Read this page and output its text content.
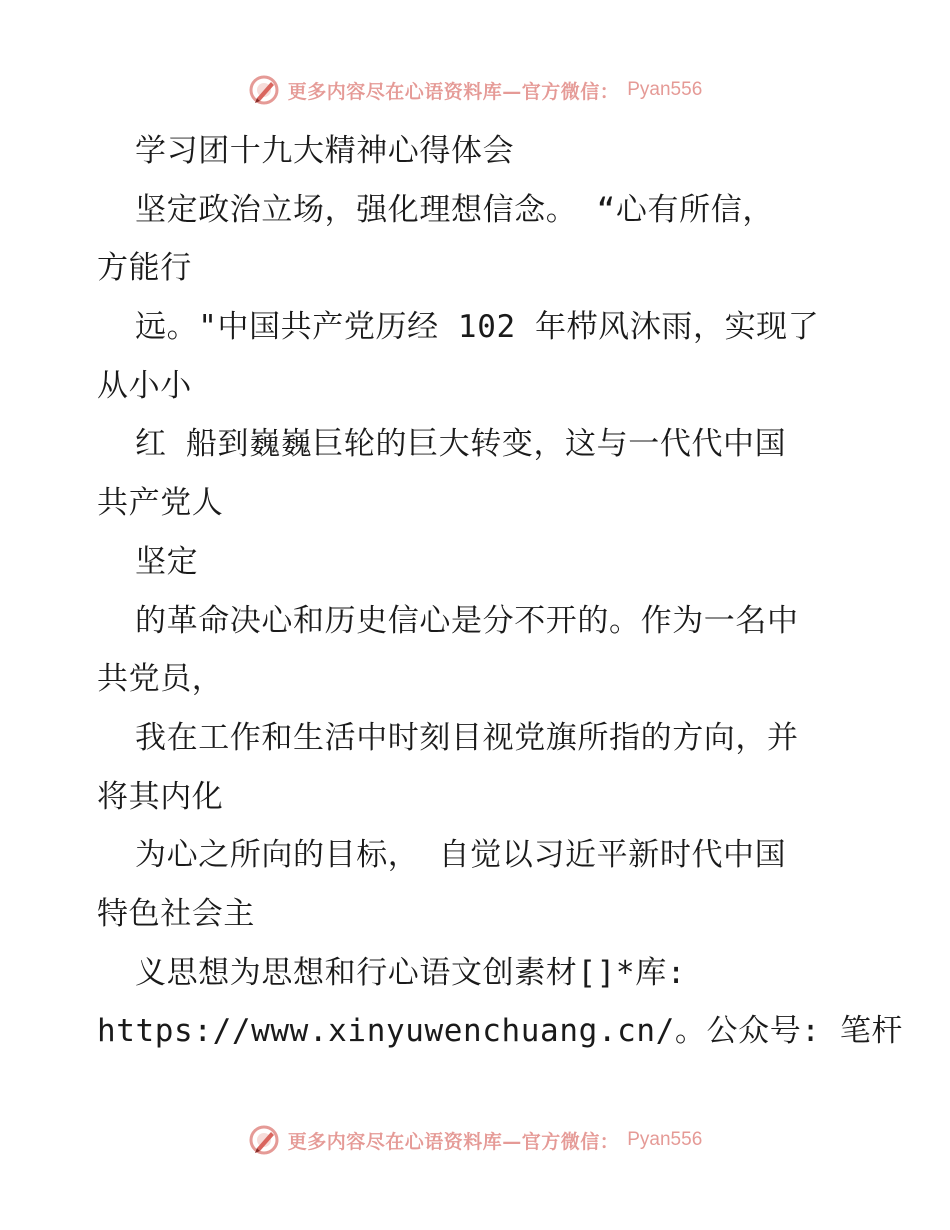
更多内容尽在心语资料库—官方微信： Pyan556
学习团十九大精神心得体会
坚定政治立场，强化理想信念。 “心有所信，
方能行
远。"中国共产党历经 102 年栉风沐雨，实现了
从小小
红 船到巍巍巨轮的巨大转变，这与一代代中国
共产党人
坚定
的革命决心和历史信心是分不开的。作为一名中
共党员，
我在工作和生活中时刻目视党旗所指的方向，并
将其内化
为心之所向的目标， 自觉以习近平新时代中国
特色社会主
义思想为思想和行心语文创素材[]*库:
https://www.xinyuwenchuang.cn/。公众号: 笔杆
更多内容尽在心语资料库—官方微信： Pyan556
